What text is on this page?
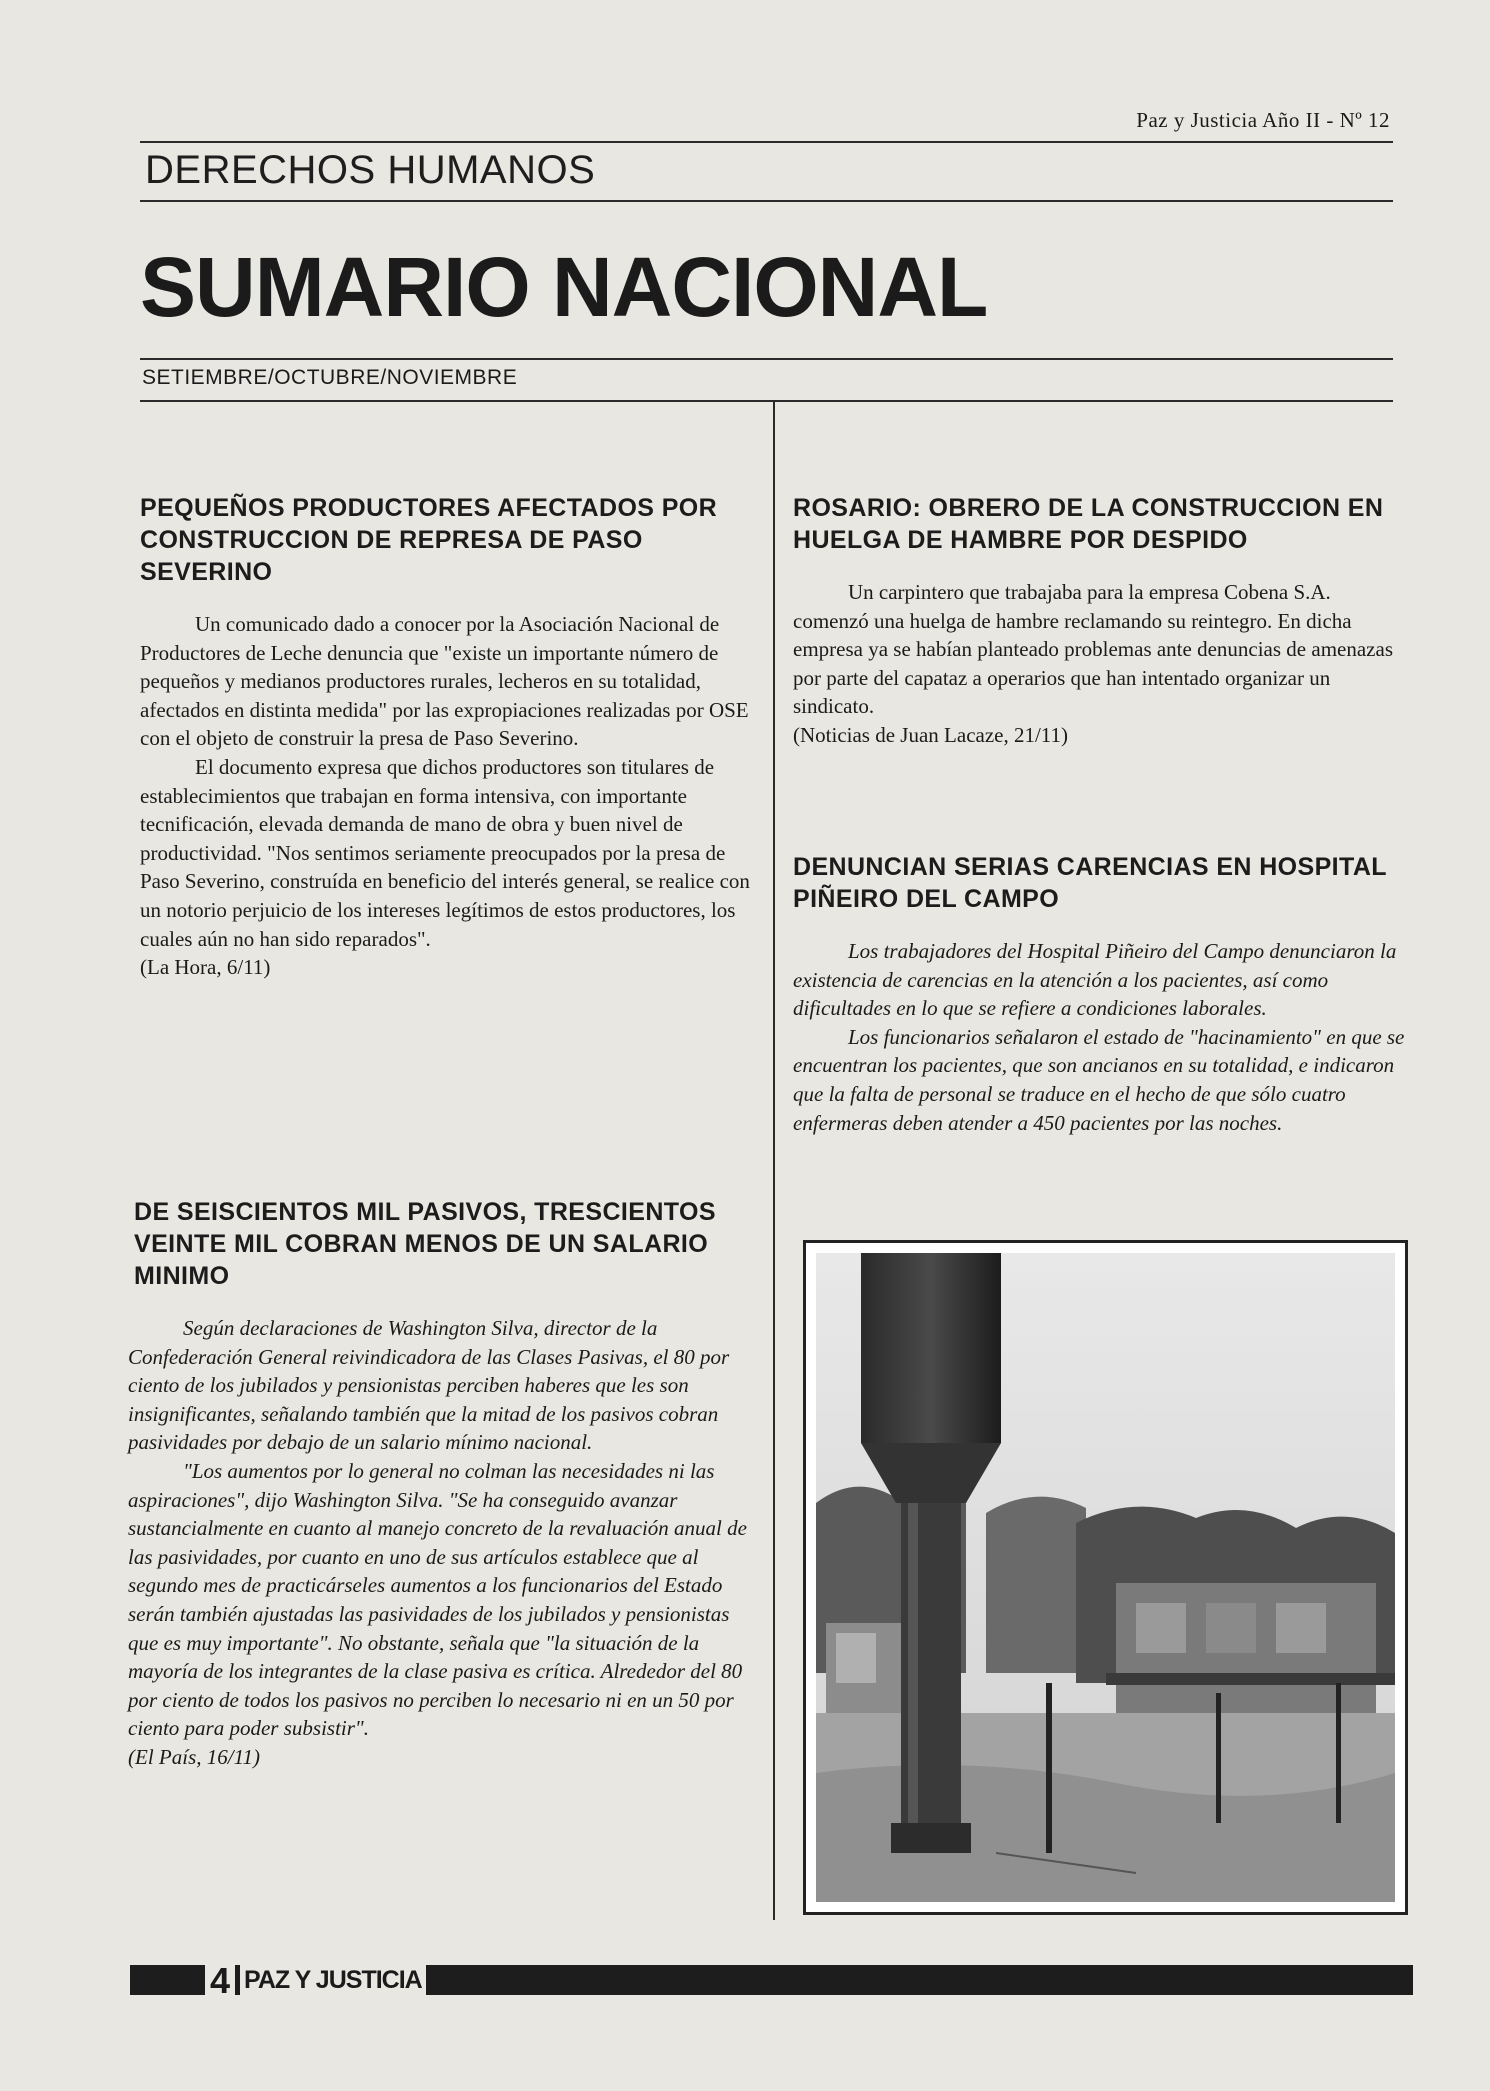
Paz y Justicia Año II - Nº 12
DERECHOS HUMANOS
SUMARIO NACIONAL
SETIEMBRE/OCTUBRE/NOVIEMBRE
PEQUEÑOS PRODUCTORES AFECTADOS POR CONSTRUCCION DE REPRESA DE PASO SEVERINO

Un comunicado dado a conocer por la Asociación Nacional de Productores de Leche denuncia que "existe un importante número de pequeños y medianos productores rurales, lecheros en su totalidad, afectados en distinta medida" por las expropiaciones realizadas por OSE con el objeto de construir la presa de Paso Severino.

El documento expresa que dichos productores son titulares de establecimientos que trabajan en forma intensiva, con importante tecnificación, elevada demanda de mano de obra y buen nivel de productividad. "Nos sentimos seriamente preocupados por la presa de Paso Severino, construída en beneficio del interés general, se realice con un notorio perjuicio de los intereses legítimos de estos productores, los cuales aún no han sido reparados".

(La Hora, 6/11)
DE SEISCIENTOS MIL PASIVOS, TRESCIENTOS VEINTE MIL COBRAN MENOS DE UN SALARIO MINIMO

Según declaraciones de Washington Silva, director de la Confederación General reivindicadora de las Clases Pasivas, el 80 por ciento de los jubilados y pensionistas perciben haberes que les son insignificantes, señalando también que la mitad de los pasivos cobran pasividades por debajo de un salario mínimo nacional.

"Los aumentos por lo general no colman las necesidades ni las aspiraciones", dijo Washington Silva. "Se ha conseguido avanzar sustancialmente en cuanto al manejo concreto de la revaluación anual de las pasividades, por cuanto en uno de sus artículos establece que al segundo mes de practicárseles aumentos a los funcionarios del Estado serán también ajustadas las pasividades de los jubilados y pensionistas que es muy importante". No obstante, señala que "la situación de la mayoría de los integrantes de la clase pasiva es crítica. Alrededor del 80 por ciento de todos los pasivos no perciben lo necesario ni en un 50 por ciento para poder subsistir".

(El País, 16/11)
ROSARIO: OBRERO DE LA CONSTRUCCION EN HUELGA DE HAMBRE POR DESPIDO

Un carpintero que trabajaba para la empresa Cobena S.A. comenzó una huelga de hambre reclamando su reintegro. En dicha empresa ya se habían planteado problemas ante denuncias de amenazas por parte del capataz a operarios que han intentado organizar un sindicato.

(Noticias de Juan Lacaze, 21/11)
DENUNCIAN SERIAS CARENCIAS EN HOSPITAL PIÑEIRO DEL CAMPO

Los trabajadores del Hospital Piñeiro del Campo denunciaron la existencia de carencias en la atención a los pacientes, así como dificultades en lo que se refiere a condiciones laborales.

Los funcionarios señalaron el estado de "hacinamiento" en que se encuentran los pacientes, que son ancianos en su totalidad, e indicaron que la falta de personal se traduce en el hecho de que sólo cuatro enfermeras deben atender a 450 pacientes por las noches.

4 PAZ Y JUSTICIA
